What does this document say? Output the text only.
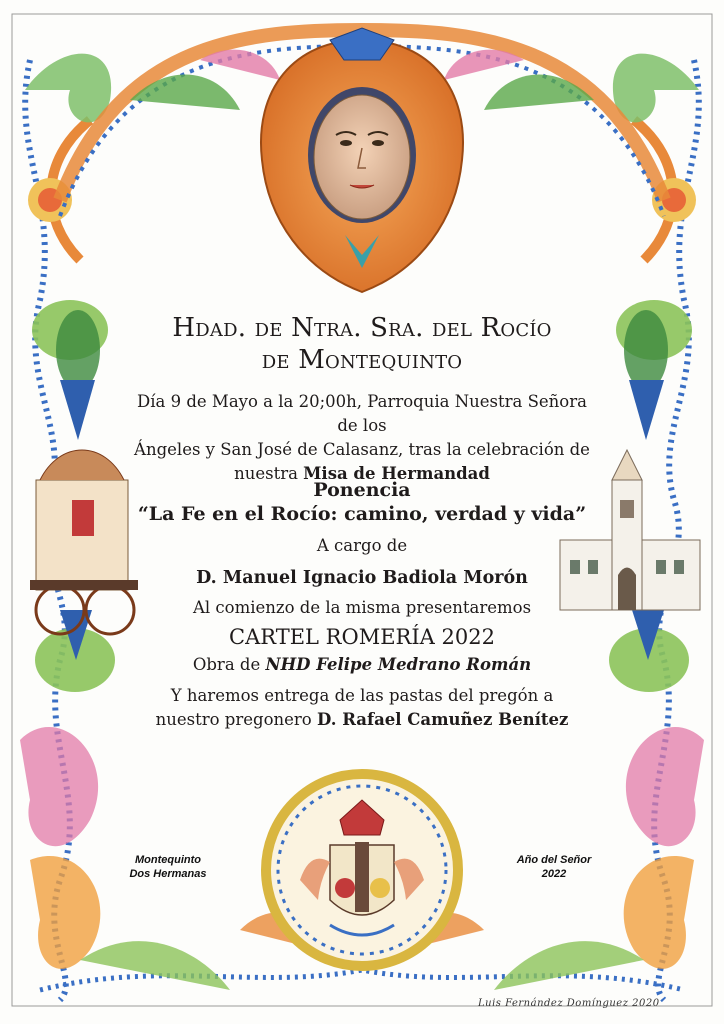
Hdad. de Ntra. Sra. del Rocío
de Montequinto
Día 9 de Mayo a la 20;00h, Parroquia Nuestra Señora de los
Ángeles y San José de Calasanz, tras la celebración de
nuestra Misa de Hermandad
Ponencia
“La Fe en el Rocío: camino, verdad y vida”
A cargo de
D. Manuel Ignacio Badiola Morón
Al comienzo de la misma presentaremos
CARTEL ROMERÍA 2022
Obra de NHD Felipe Medrano Román
Y haremos entrega de las pastas del pregón a
nuestro pregonero D. Rafael Camuñez Benítez
Montequinto
Dos Hermanas
Año del Señor
2022
Luis Fernández Domínguez 2020
